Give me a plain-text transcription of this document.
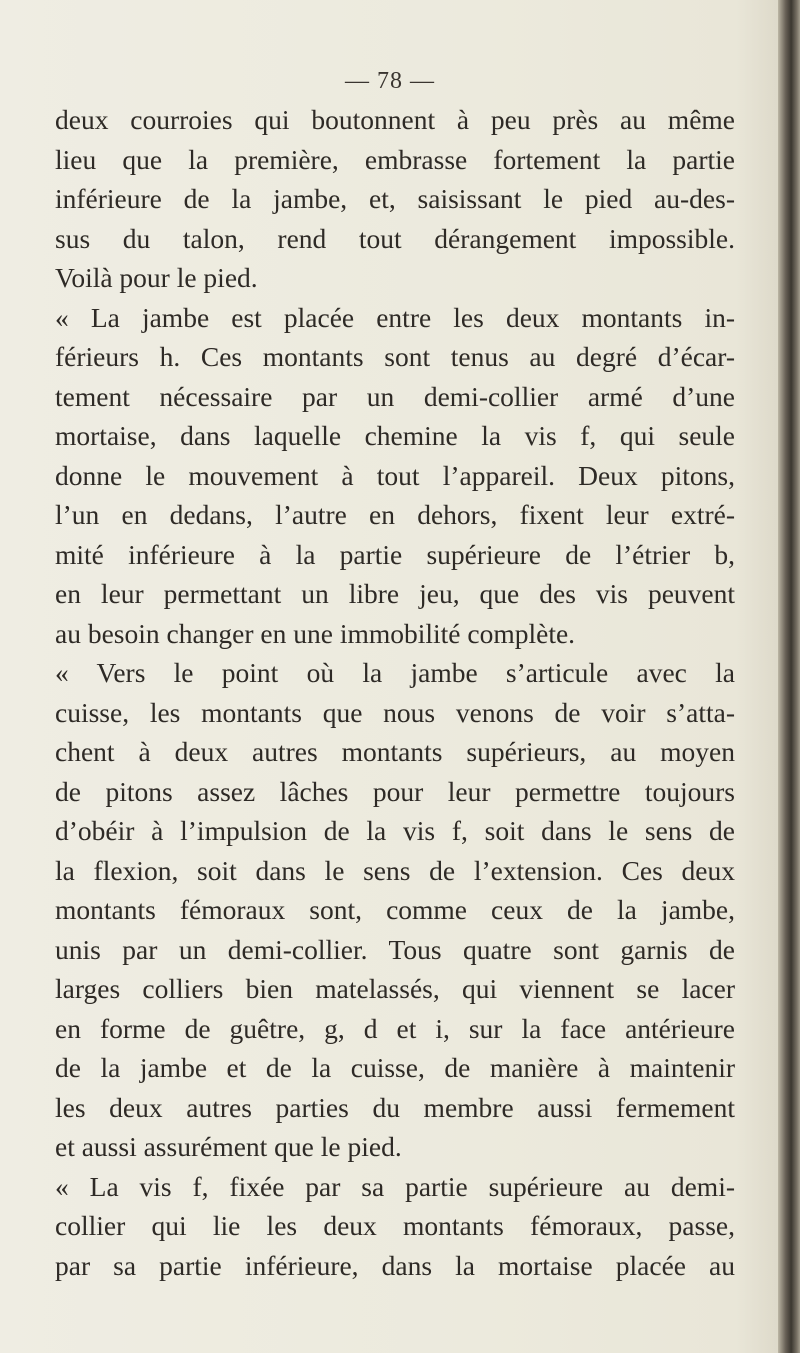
— 78 —
deux courroies qui boutonnent à peu près au même
lieu que la première, embrasse fortement la partie
inférieure de la jambe, et, saisissant le pied au-des-
sus du talon, rend tout dérangement impossible.
Voilà pour le pied.
« La jambe est placée entre les deux montants in-
férieurs h. Ces montants sont tenus au degré d’écar-
tement nécessaire par un demi-collier armé d’une
mortaise, dans laquelle chemine la vis f, qui seule
donne le mouvement à tout l’appareil. Deux pitons,
l’un en dedans, l’autre en dehors, fixent leur extré-
mité inférieure à la partie supérieure de l’étrier b,
en leur permettant un libre jeu, que des vis peuvent
au besoin changer en une immobilité complète.
« Vers le point où la jambe s’articule avec la
cuisse, les montants que nous venons de voir s’atta-
chent à deux autres montants supérieurs, au moyen
de pitons assez lâches pour leur permettre toujours
d’obéir à l’impulsion de la vis f, soit dans le sens de
la flexion, soit dans le sens de l’extension. Ces deux
montants fémoraux sont, comme ceux de la jambe,
unis par un demi-collier. Tous quatre sont garnis de
larges colliers bien matelassés, qui viennent se lacer
en forme de guêtre, g, d et i, sur la face antérieure
de la jambe et de la cuisse, de manière à maintenir
les deux autres parties du membre aussi fermement
et aussi assurément que le pied.
« La vis f, fixée par sa partie supérieure au demi-
collier qui lie les deux montants fémoraux, passe,
par sa partie inférieure, dans la mortaise placée au
